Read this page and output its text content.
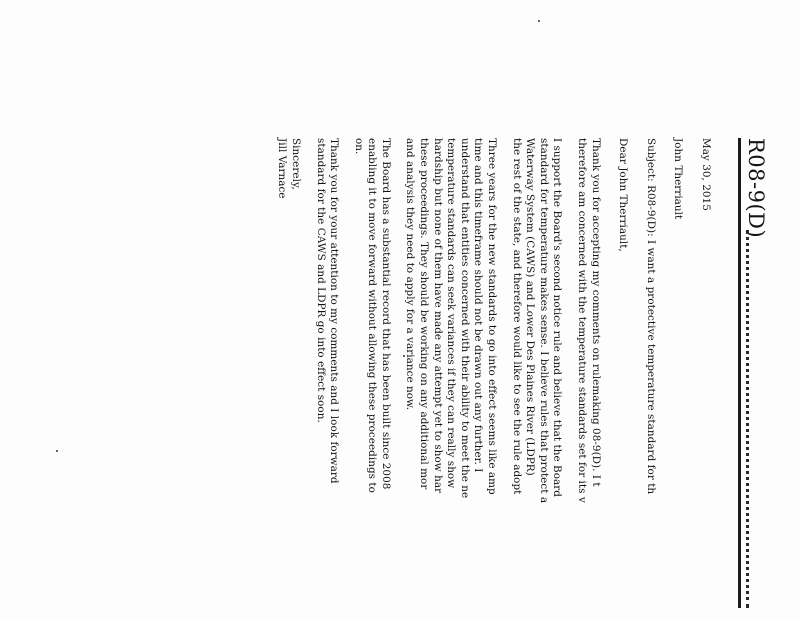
R08-9(D)

May 30, 2015

John Therriault

Subject: R08-9(D): I want a protective temperature standard for th

Dear John Therriault,

Thank you for accepting my comments on rulemaking 08-9(D). I t
therefore am concerned with the temperature standards set for its v

I support the Board's second notice rule and believe that the Board
standard for temperature makes sense. I believe rules that protect a
Waterway System (CAWS) and Lower Des Plaines River (LDPR)
the rest of the state, and therefore would like to see the rule adopt

Three years for the new standards to go into effect seems like amp
time and this timeframe should not be drawn out any further. I
understand that entities concerned with their ability to meet the ne
temperature standards can seek variances if they can really show
hardship but none of them have made any attempt yet to show har
these proceedings. They should be working on any additional mor
and analysis they need to apply for a variance now.

The Board has a substantial record that has been built since 2008
enabling it to move forward without allowing these proceedings to
on.

Thank you for your attention to my comments and I look forward
standard for the CAWS and LDPR go into effect soon.

Sincerely,

Jill Varnace
